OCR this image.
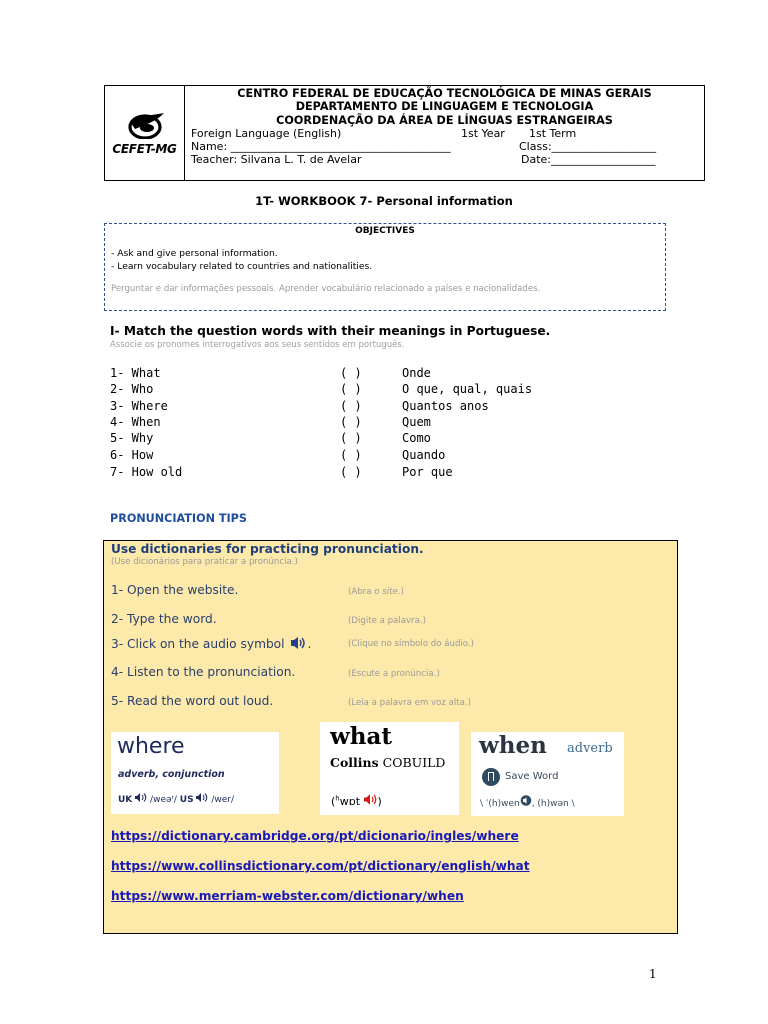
CEFET-MG
CENTRO FEDERAL DE EDUCAÇÃO TECNOLÓGICA DE MINAS GERAIS
DEPARTAMENTO DE LINGUAGEM E TECNOLOGIA
COORDENAÇÃO DA ÁREA DE LÍNGUAS ESTRANGEIRAS
Foreign Language (English)	1st Year 1st Term
Name: ________________________________________	Class:___________________
Teacher: Silvana L. T. de Avelar	Date:___________________
1T- WORKBOOK 7- Personal information
OBJECTIVES
- Ask and give personal information.
- Learn vocabulary related to countries and nationalities.
Perguntar e dar informações pessoais. Aprender vocabulário relacionado a países e nacionalidades.
I- Match the question words with their meanings in Portuguese.
Associe os pronomes interrogativos aos seus sentidos em português.
1- What	( )	Onde
2- Who	( )	O que, qual, quais
3- Where	( )	Quantos anos
4- When	( )	Quem
5- Why	( )	Como
6- How	( )	Quando
7- How old	( )	Por que
PRONUNCIATION TIPS
Use dictionaries for practicing pronunciation.
(Use dicionários para praticar a pronúncia.)
1- Open the website.	(Abra o site.)
2- Type the word.	(Digite a palavra.)
3- Click on the audio symbol .	(Clique no símbolo do áudio.)
4- Listen to the pronunciation.	(Escute a pronúncia.)
5- Read the word out loud.	(Leia a palavra em voz alta.)
where
adverb, conjunction
UK /weəʳ/ US /wer/
what
Collins COBUILD
($^h$wɒt )
when adverb
Save Word
\ ˈ(h)wen , (h)wən \
https://dictionary.cambridge.org/pt/dicionario/ingles/where
https://www.collinsdictionary.com/pt/dictionary/english/what
https://www.merriam-webster.com/dictionary/when
1
